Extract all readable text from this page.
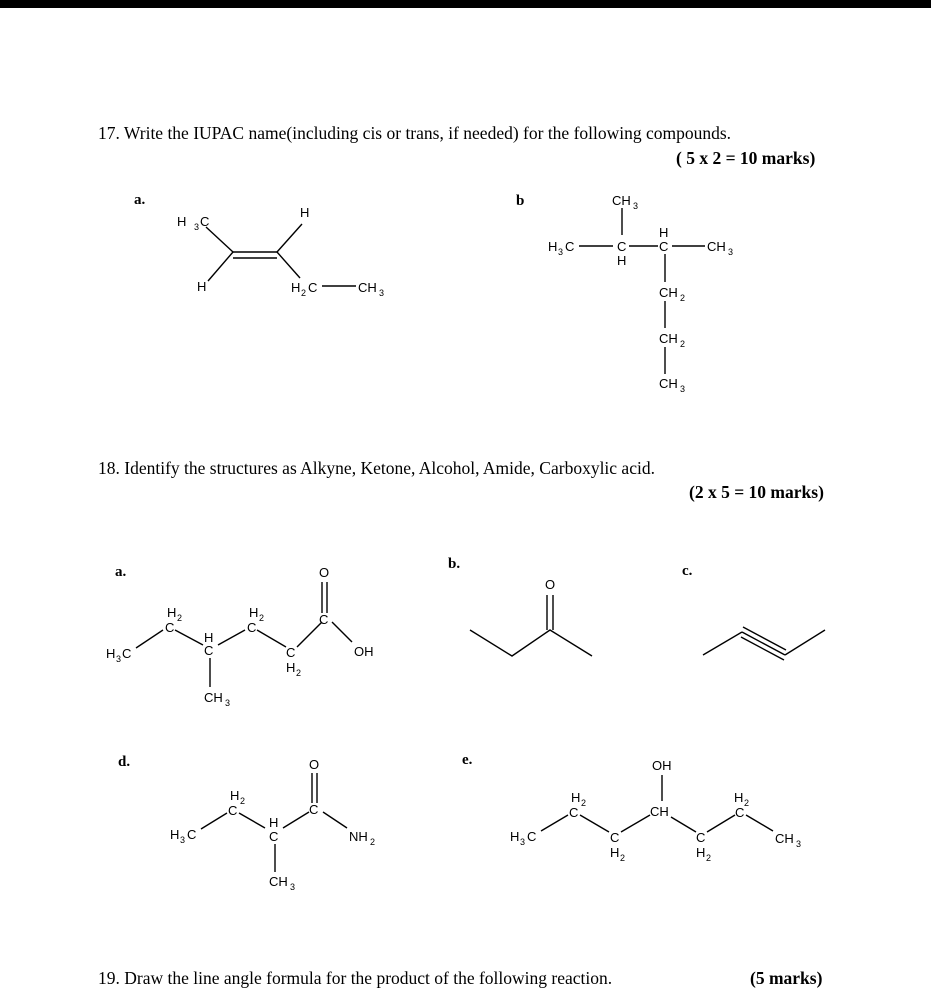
17. Write the IUPAC name(including cis or trans, if needed) for the following compounds.
( 5 x 2 = 10 marks)
a.	b
H 3 C
H
H	H 2 C	CH 3
CH 3
H 3 C	C
H
H
C	CH 3
CH 2
CH 2
CH 3
18. Identify the structures as Alkyne, Ketone, Alcohol, Amide, Carboxylic acid.
(2 x 5 = 10 marks)
a.	b.	c.
d.	e.
H 3 C
H 2
C
H
C
CH 3
H 2
C
C
H 2
C
O
OH
O
H 3 C
H 2
C
H
C
CH 3
C
O
NH 2	H 3 C
H 2
C
C
H 2
OH
CH
C
H 2
H 2
C
CH 3
19. Draw the line angle formula for the product of the following reaction.	(5 marks)
